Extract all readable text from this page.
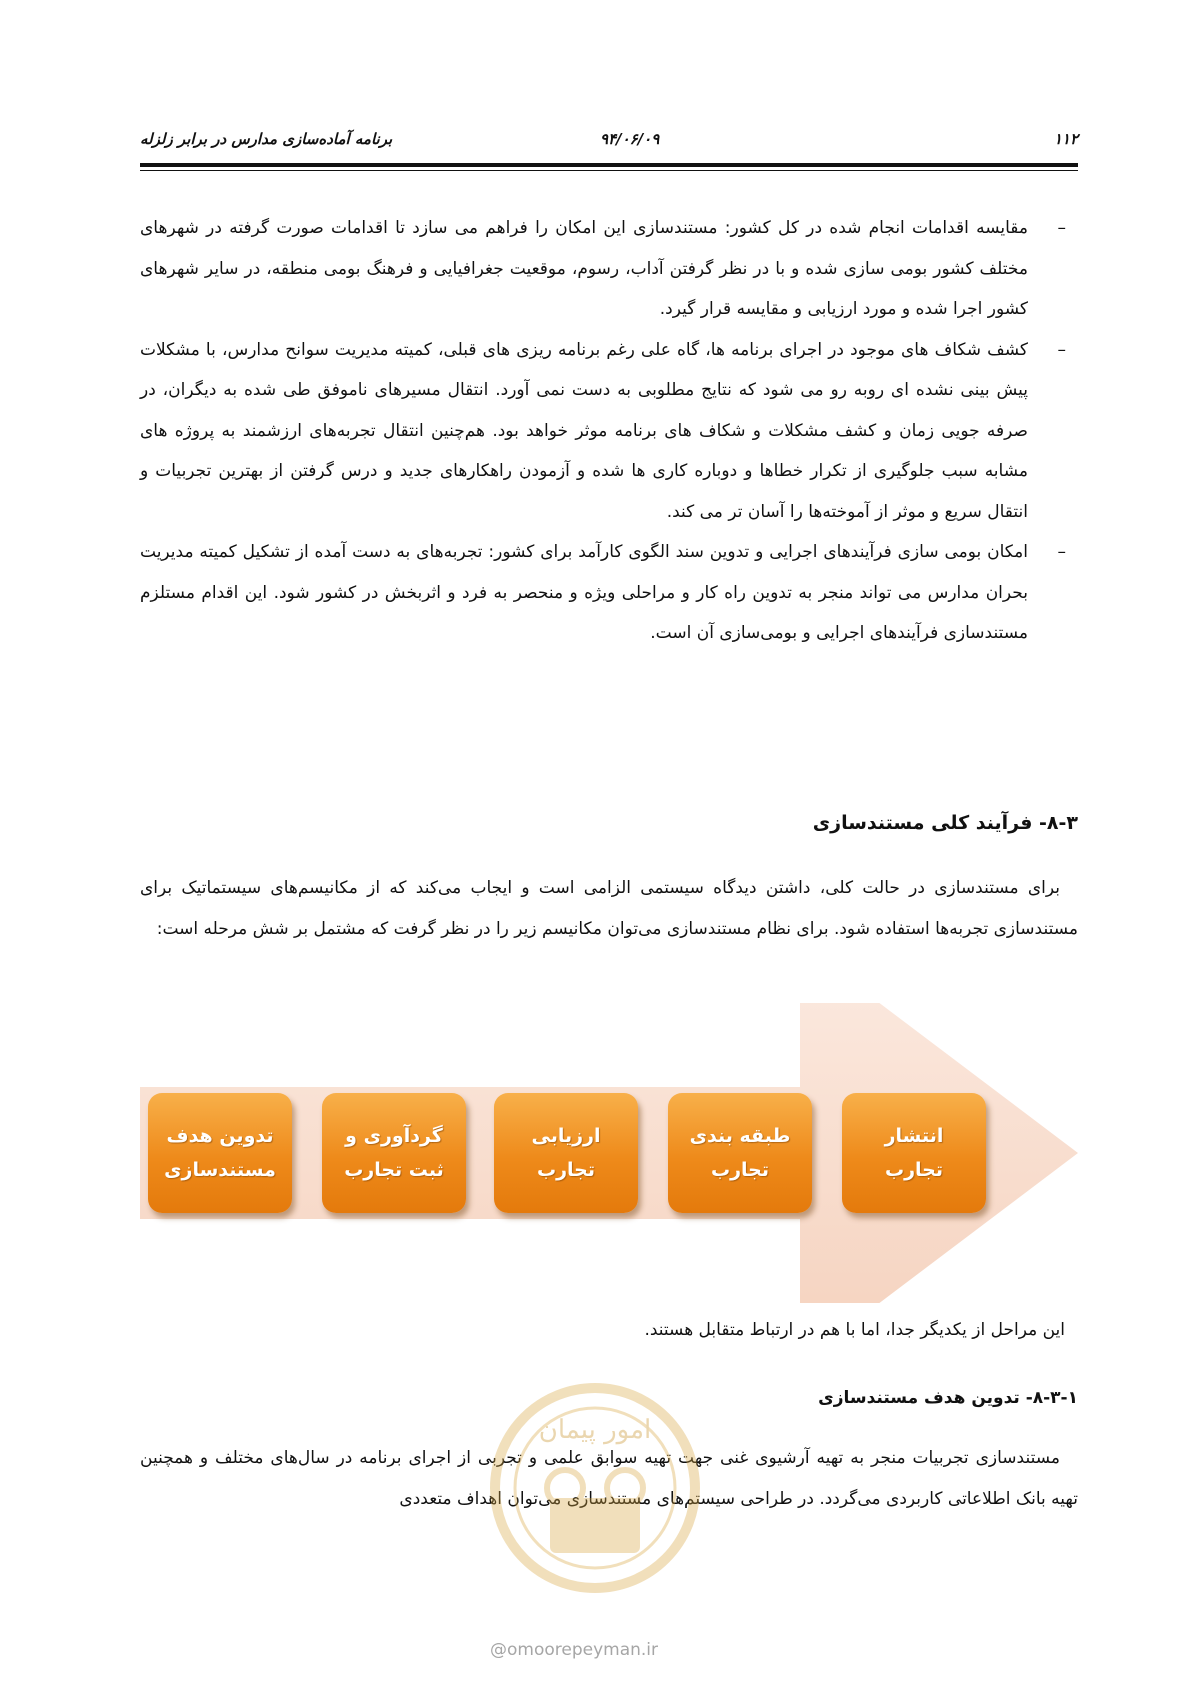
۱۱۲
۹۴/۰۶/۰۹
برنامه آماده‌سازی مدارس در برابر زلزله
–
مقایسه اقدامات انجام شده در کل کشور: مستندسازی این امکان را فراهم می سازد تا اقدامات صورت گرفته در شهرهای مختلف کشور بومی سازی شده و با در نظر گرفتن آداب، رسوم، موقعیت جغرافیایی و فرهنگ بومی منطقه، در سایر شهرهای کشور اجرا شده و مورد ارزیابی و مقایسه قرار گیرد.
–
کشف شکاف های موجود در اجرای برنامه ها، گاه علی رغم برنامه ریزی های قبلی، کمیته مدیریت سوانح مدارس، با مشکلات پیش بینی نشده ای روبه رو می شود که نتایج مطلوبی به دست نمی آورد. انتقال مسیرهای ناموفق طی شده به دیگران، در صرفه جویی زمان و کشف مشکلات و شکاف های برنامه موثر خواهد بود. هم‌چنین انتقال تجربه‌های ارزشمند به پروژه های مشابه سبب جلوگیری از تکرار خطاها و دوباره کاری ها شده و آزمودن راهکارهای جدید و درس گرفتن از بهترین تجربیات و انتقال سریع و موثر از آموخته‌ها را آسان تر می کند.
–
امکان بومی سازی فرآیندهای اجرایی و تدوین سند الگوی کارآمد برای کشور: تجربه‌های به دست آمده از تشکیل کمیته مدیریت بحران مدارس می تواند منجر به تدوین راه کار و مراحلی ویژه و منحصر به فرد و اثربخش در کشور شود. این اقدام مستلزم مستندسازی فرآیندهای اجرایی و بومی‌سازی آن است.
۸-۳- فرآیند کلی مستندسازی
برای مستندسازی در حالت کلی، داشتن دیدگاه سیستمی الزامی است و ایجاب می‌کند که از مکانیسم‌های سیستماتیک برای مستندسازی تجربه‌ها استفاده شود. برای نظام مستندسازی می‌توان مکانیسم زیر را در نظر گرفت که مشتمل بر شش مرحله است:
انتشار تجارب
طبقه بندی تجارب
ارزیابی تجارب
گردآوری و ثبت تجارب
تدوین هدف مستندسازی
این مراحل از یکدیگر جدا، اما با هم در ارتباط متقابل هستند.
۸-۳-۱- تدوین هدف مستندسازی
مستندسازی تجربیات منجر به تهیه آرشیوی غنی جهت تهیه سوابق علمی و تجربی از اجرای برنامه در سال‌های مختلف و همچنین تهیه بانک اطلاعاتی کاربردی می‌گردد. در طراحی سیستم‌های مستندسازی می‌توان اهداف متعددی
امور پیمان
@omoorepeyman.ir
